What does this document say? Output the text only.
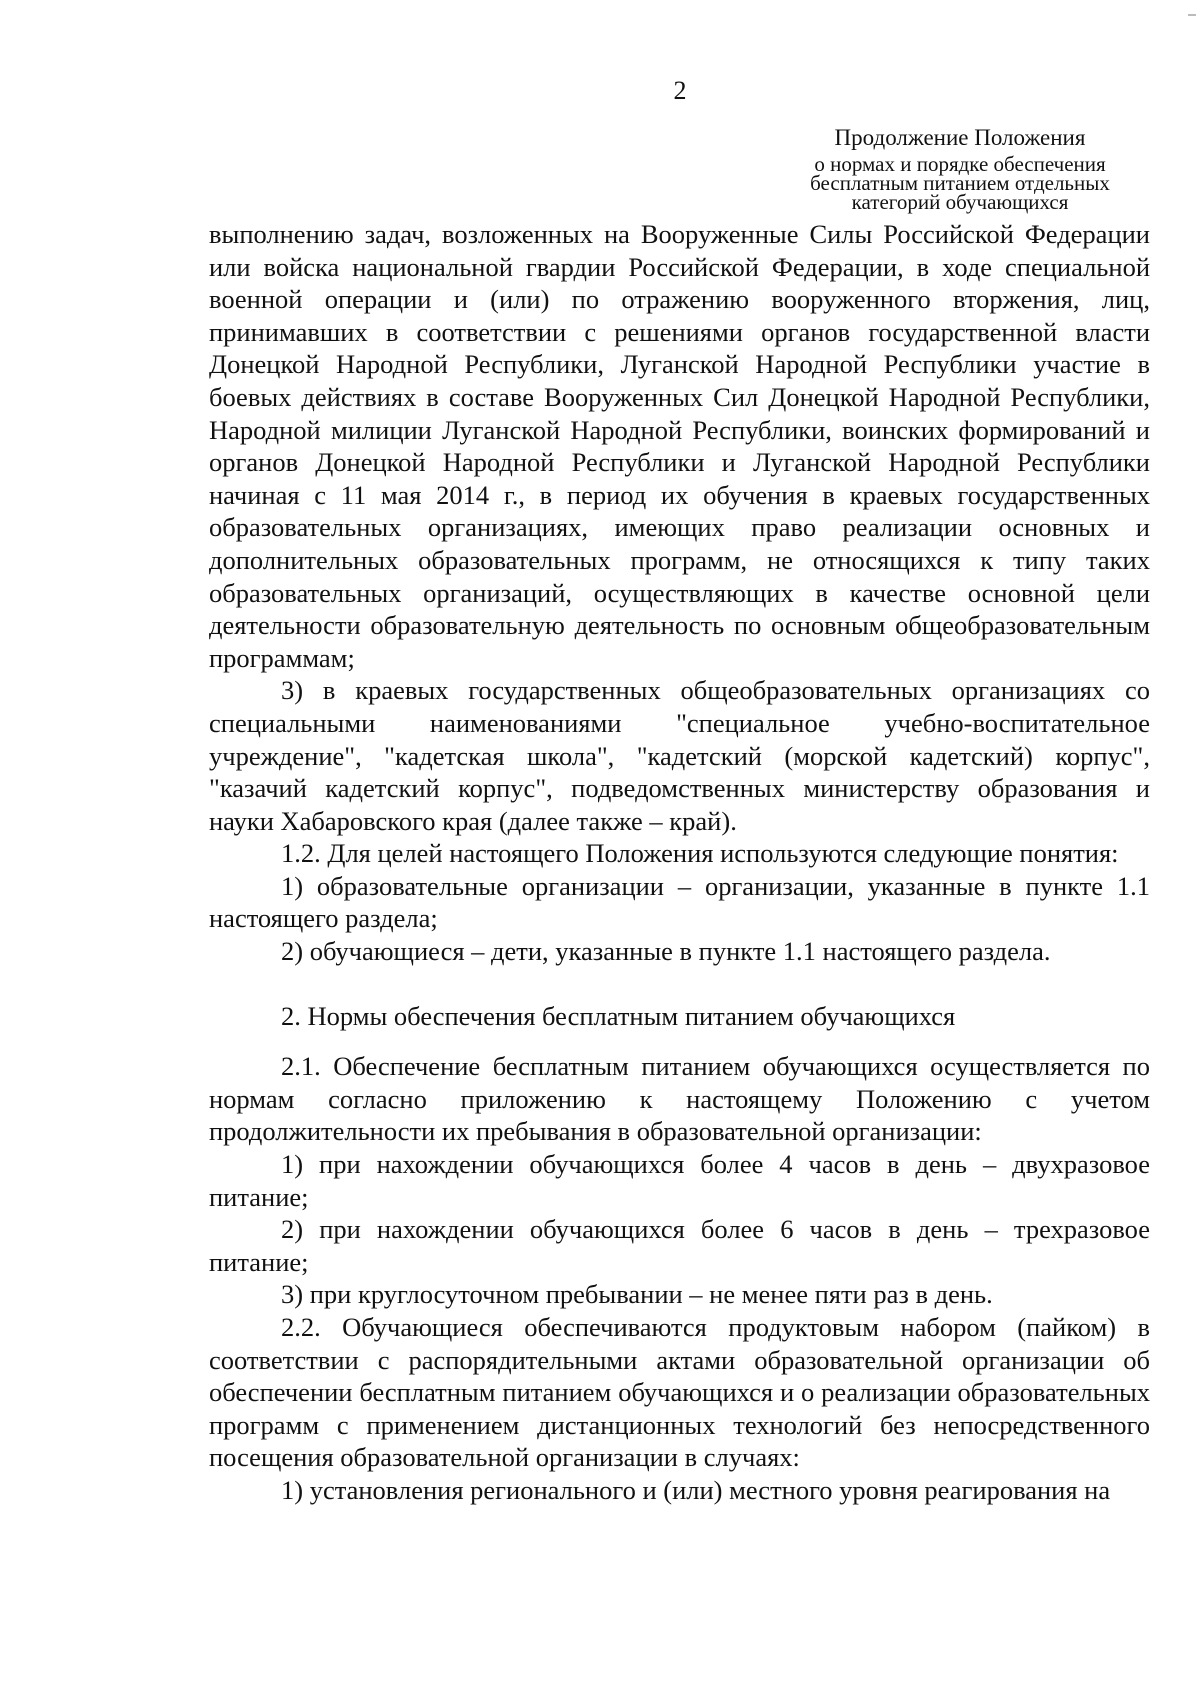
2
Продолжение Положения
о нормах и порядке обеспечения
бесплатным питанием отдельных
категорий обучающихся

выполнению задач, возложенных на Вооруженные Силы Российской Федерации или войска национальной гвардии Российской Федерации, в ходе специальной военной операции и (или) по отражению вооруженного вторжения, лиц, принимавших в соответствии с решениями органов государственной власти Донецкой Народной Республики, Луганской Народной Республики участие в боевых действиях в составе Вооруженных Сил Донецкой Народной Республики, Народной милиции Луганской Народной Республики, воинских формирований и органов Донецкой Народной Республики и Луганской Народной Республики начиная с 11 мая 2014 г., в период их обучения в краевых государственных образовательных организациях, имеющих право реализации основных и дополнительных образовательных программ, не относящихся к типу таких образовательных организаций, осуществляющих в качестве основной цели деятельности образовательную деятельность по основным общеобразовательным программам;

3) в краевых государственных общеобразовательных организациях со специальными наименованиями "специальное учебно-воспитательное учреждение", "кадетская школа", "кадетский (морской кадетский) корпус", "казачий кадетский корпус", подведомственных министерству образования и науки Хабаровского края (далее также – край).

1.2. Для целей настоящего Положения используются следующие понятия:

1) образовательные организации – организации, указанные в пункте 1.1 настоящего раздела;

2) обучающиеся – дети, указанные в пункте 1.1 настоящего раздела.

2. Нормы обеспечения бесплатным питанием обучающихся

2.1. Обеспечение бесплатным питанием обучающихся осуществляется по нормам согласно приложению к настоящему Положению с учетом продолжительности их пребывания в образовательной организации:

1) при нахождении обучающихся более 4 часов в день – двухразовое питание;

2) при нахождении обучающихся более 6 часов в день – трехразовое питание;

3) при круглосуточном пребывании – не менее пяти раз в день.

2.2. Обучающиеся обеспечиваются продуктовым набором (пайком) в соответствии с распорядительными актами образовательной организации об обеспечении бесплатным питанием обучающихся и о реализации образовательных программ с применением дистанционных технологий без непосредственного посещения образовательной организации в случаях:

1) установления регионального и (или) местного уровня реагирования на
